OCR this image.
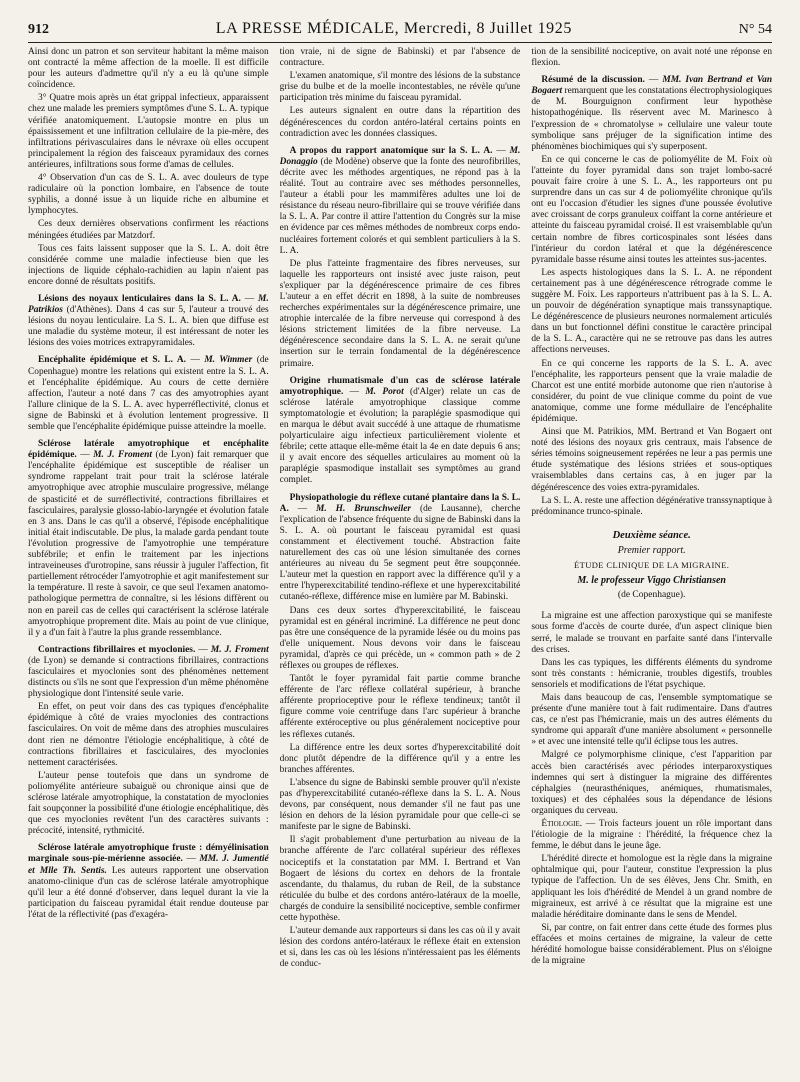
912	LA PRESSE MÉDICALE, Mercredi, 8 Juillet 1925	N° 54

Ainsi donc un patron et son serviteur habitant la même maison ont contracté la même affection de la moelle. Il est difficile pour les auteurs d'admettre qu'il n'y a eu là qu'une simple coïncidence.

3° Quatre mois après un état grippal infectieux, apparaissent chez une malade les premiers symptômes d'une S. L. A. typique vérifiée anatomiquement. L'autopsie montre en plus un épaississement et une infiltration cellulaire de la pie-mère, des infiltrations périvasculaires dans le névraxe où elles occupent principalement la région des faisceaux pyramidaux des cornes antérieures, infiltrations sous forme d'amas de cellules.

4° Observation d'un cas de S. L. A. avec douleurs de type radiculaire où la ponction lombaire, en l'absence de toute syphilis, a donné issue à un liquide riche en albumine et lymphocytes.

Ces deux dernières observations confirment les réactions méningées étudiées par Matzdorf.

Tous ces faits laissent supposer que la S. L. A. doit être considérée comme une maladie infectieuse bien que les injections de liquide céphalo-rachidien au lapin n'aient pas encore donné de résultats positifs.

Lésions des noyaux lenticulaires dans la S. L. A. — M. Patrikios (d'Athènes). Dans 4 cas sur 5, l'auteur a trouvé des lésions du noyau lenticulaire. La S. L. A. bien que diffuse est une maladie du système moteur, il est intéressant de noter les lésions des voies motrices extrapyramidales.

Encéphalite épidémique et S. L. A. — M. Wimmer (de Copenhague) montre les relations qui existent entre la S. L. A. et l'encéphalite épidémique. Au cours de cette dernière affection, l'auteur a noté dans 7 cas des amyotrophies ayant l'allure clinique de la S. L. A. avec hyperréflectivité, clonus et signe de Babinski et à évolution lentement progressive. Il semble que l'encéphalite épidémique puisse atteindre la moelle.

Sclérose latérale amyotrophique et encéphalite épidémique. — M. J. Froment (de Lyon) fait remarquer que l'encéphalite épidémique est susceptible de réaliser un syndrome rappelant trait pour trait la sclérose latérale amyotrophique avec atrophie musculaire progressive, mélange de spasticité et de surréflectivité, contractions fibrillaires et fasciculaires, paralysie glosso-labio-laryngée et évolution fatale en 3 ans. Dans le cas qu'il a observé, l'épisode encéphalitique initial était indiscutable. De plus, la malade garda pendant toute l'évolution progressive de l'amyotrophie une température subfébrile; et enfin le traitement par les injections intraveineuses d'urotropine, sans réussir à juguler l'affection, fit partiellement rétrocéder l'amyotrophie et agit manifestement sur la température. Il reste à savoir, ce que seul l'examen anatomo-pathologique permettra de connaître, si les lésions diffèrent ou non en pareil cas de celles qui caractérisent la sclérose latérale amyotrophique proprement dite. Mais au point de vue clinique, il y a d'un fait à l'autre la plus grande ressemblance.

Contractions fibrillaires et myoclonies. — M. J. Froment (de Lyon) se demande si contractions fibrillaires, contractions fasciculaires et myoclonies sont des phénomènes nettement distincts ou s'ils ne sont que l'expression d'un même phénomène physiologique dont l'intensité seule varie.

En effet, on peut voir dans des cas typiques d'encéphalite épidémique à côté de vraies myoclonies des contractions fasciculaires. On voit de même dans des atrophies musculaires dont rien ne démontre l'étiologie encéphalitique, à côté de contractions fibrillaires et fasciculaires, des myoclonies nettement caractérisées.

L'auteur pense toutefois que dans un syndrome de poliomyélite antérieure subaiguë ou chronique ainsi que de sclérose latérale amyotrophique, la constatation de myoclonies fait soupçonner la possibilité d'une étiologie encéphalitique, dès que ces myoclonies revêtent l'un des caractères suivants : précocité, intensité, rythmicité.

Sclérose latérale amyotrophique fruste : démyélinisation marginale sous-pie-mérienne associée. — MM. J. Jumentié et Mlle Th. Sentis. Les auteurs rapportent une observation anatomo-clinique d'un cas de sclérose latérale amyotrophique qu'il leur a été donné d'observer, dans lequel durant la vie la participation du faisceau pyramidal était rendue douteuse par l'état de la réflectivité (pas d'exagéra-

tion vraie, ni de signe de Babinski) et par l'absence de contracture.

L'examen anatomique, s'il montre des lésions de la substance grise du bulbe et de la moelle incontestables, ne révèle qu'une participation très minime du faisceau pyramidal.

Les auteurs signalent en outre dans la répartition des dégénérescences du cordon antéro-latéral certains points en contradiction avec les données classiques.

A propos du rapport anatomique sur la S. L. A. — M. Donaggio (de Modène) observe que la fonte des neurofibrilles, décrite avec les méthodes argentiques, ne répond pas à la réalité. Tout au contraire avec ses méthodes personnelles, l'auteur a établi pour les mammifères adultes une loi de résistance du réseau neuro-fibrillaire qui se trouve vérifiée dans la S. L. A. Par contre il attire l'attention du Congrès sur la mise en évidence par ces mêmes méthodes de nombreux corps endo-nucléaires fortement colorés et qui semblent particuliers à la S. L. A.

De plus l'atteinte fragmentaire des fibres nerveuses, sur laquelle les rapporteurs ont insisté avec juste raison, peut s'expliquer par la dégénérescence primaire de ces fibres L'auteur a en effet décrit en 1898, à la suite de nombreuses recherches expérimentales sur la dégénérescence primaire, une atrophie intercalée de la fibre nerveuse qui correspond à des lésions strictement limitées de la fibre nerveuse. La dégénérescence secondaire dans la S. L. A. ne serait qu'une insertion sur le terrain fondamental de la dégénérescence primaire.

Origine rhumatismale d'un cas de sclérose latérale amyotrophique. — M. Porot (d'Alger) relate un cas de sclérose latérale amyotrophique classique comme symptomatologie et évolution; la paraplégie spasmodique qui en marqua le début avait succédé à une attaque de rhumatisme polyarticulaire aigu infectieux particulièrement violente et fébrile; cette attaque elle-même était la 4e en date depuis 6 ans; il y avait encore des séquelles articulaires au moment où la paraplégie spasmodique installait ses symptômes au grand complet.

Physiopathologie du réflexe cutané plantaire dans la S. L. A. — M. H. Brunschweiler (de Lausanne), cherche l'explication de l'absence fréquente du signe de Babinski dans la S. L. A. où pourtant le faisceau pyramidal est quasi constamment et électivement touché. Abstraction faite naturellement des cas où une lésion simultanée des cornes antérieures au niveau du 5e segment peut être soupçonnée. L'auteur met la question en rapport avec la différence qu'il y a entre l'hyperexcitabilité tendino-réflexe et une hyperexcitabilité cutanéo-réflexe, différence mise en lumière par M. Babinski.

Dans ces deux sortes d'hyperexcitabilité, le faisceau pyramidal est en général incriminé. La différence ne peut donc pas être une conséquence de la pyramide lésée ou du moins pas d'elle uniquement. Nous devons voir dans le faisceau pyramidal, d'après ce qui précède, un « common path » de 2 réflexes ou groupes de réflexes.

Tantôt le foyer pyramidal fait partie comme branche efférente de l'arc réflexe collatéral supérieur, à branche afférente proprioceptive pour le réflexe tendineux; tantôt il figure comme voie centrifuge dans l'arc supérieur à branche afférente extéroceptive ou plus généralement nociceptive pour les réflexes cutanés.

La différence entre les deux sortes d'hyperexcitabilité doit donc plutôt dépendre de la différence qu'il y a entre les branches afférentes.

L'absence du signe de Babinski semble prouver qu'il n'existe pas d'hyperexcitabilité cutanéo-réflexe dans la S. L. A. Nous devons, par conséquent, nous demander s'il ne faut pas une lésion en dehors de la lésion pyramidale pour que celle-ci se manifeste par le signe de Babinski.

Il s'agit probablement d'une perturbation au niveau de la branche afférente de l'arc collatéral supérieur des réflexes nociceptifs et la constatation par MM. I. Bertrand et Van Bogaert de lésions du cortex en dehors de la frontale ascendante, du thalamus, du ruban de Reil, de la substance réticulée du bulbe et des cordons antéro-latéraux de la moelle, chargés de conduire la sensibilité nociceptive, semble confirmer cette hypothèse.

L'auteur demande aux rapporteurs si dans les cas où il y avait lésion des cordons antéro-latéraux le réflexe était en extension et si, dans les cas où les lésions n'intéressaient pas les éléments de conduc-

tion de la sensibilité nociceptive, on avait noté une réponse en flexion.

Résumé de la discussion. — MM. Ivan Bertrand et Van Bogaert remarquent que les constatations électrophysiologiques de M. Bourguignon confirment leur hypothèse histopathogénique. Ils réservent avec M. Marinesco à l'expression de « chromatolyse » cellulaire une valeur toute symbolique sans préjuger de la signification intime des phénomènes biochimiques qui s'y superposent.

En ce qui concerne le cas de poliomyélite de M. Foix où l'atteinte du foyer pyramidal dans son trajet lombo-sacré pouvait faire croire à une S. L. A., les rapporteurs ont pu surprendre dans un cas sur 4 de poliomyélite chronique qu'ils ont eu l'occasion d'étudier les signes d'une poussée évolutive avec croissant de corps granuleux coiffant la corne antérieure et atteinte du faisceau pyramidal croisé. Il est vraisemblable qu'un certain nombre de fibres corticospinales sont lésées dans l'intérieur du cordon latéral et que la dégénérescence pyramidale basse résume ainsi toutes les atteintes sus-jacentes.

Les aspects histologiques dans la S. L. A. ne répondent certainement pas à une dégénérescence rétrograde comme le suggère M. Foix. Les rapporteurs n'attribuent pas à la S. L. A. un pouvoir de dégénération synaptique mais transsynaptique. Le dégénérescence de plusieurs neurones normalement articulés dans un but fonctionnel défini constitue le caractère principal de la S. L. A., caractère qui ne se retrouve pas dans les autres affections nerveuses.

En ce qui concerne les rapports de la S. L. A. avec l'encéphalite, les rapporteurs pensent que la vraie maladie de Charcot est une entité morbide autonome que rien n'autorise à considérer, du point de vue clinique comme du point de vue anatomique, comme une forme médullaire de l'encéphalite épidémique.

Ainsi que M. Patrikios, MM. Bertrand et Van Bogaert ont noté des lésions des noyaux gris centraux, mais l'absence de séries témoins soigneusement repérées ne leur a pas permis une étude systématique des lésions striées et sous-optiques vraisemblables dans certains cas, à en juger par la dégénérescence des voies extra-pyramidales.

La S. L. A. reste une affection dégénérative transsynaptique à prédominance trunco-spinale.

Deuxième séance.

Premier rapport.

ÉTUDE CLINIQUE DE LA MIGRAINE.

M. le professeur Viggo Christiansen

(de Copenhague).

La migraine est une affection paroxystique qui se manifeste sous forme d'accès de courte durée, d'un aspect clinique bien serré, le malade se trouvant en parfaite santé dans l'intervalle des crises.

Dans les cas typiques, les différents éléments du syndrome sont très constants : hémicranie, troubles digestifs, troubles sensoriels et modifications de l'état psychique.

Mais dans beaucoup de cas, l'ensemble symptomatique se présente d'une manière tout à fait rudimentaire. Dans d'autres cas, ce n'est pas l'hémicranie, mais un des autres éléments du syndrome qui apparaît d'une manière absolument « personnelle » et avec une intensité telle qu'il éclipse tous les autres.

Malgré ce polymorphisme clinique, c'est l'apparition par accès bien caractérisés avec périodes interparoxystiques indemnes qui sert à distinguer la migraine des différentes céphalgies (neurasthéniques, anémiques, rhumatismales, toxiques) et des céphalées sous la dépendance de lésions organiques du cerveau.

Étiologie. — Trois facteurs jouent un rôle important dans l'étiologie de la migraine : l'hérédité, la fréquence chez la femme, le début dans le jeune âge.

L'hérédité directe et homologue est la règle dans la migraine ophtalmique qui, pour l'auteur, constitue l'expression la plus typique de l'affection. Un de ses élèves, Jens Chr. Smith, en appliquant les lois d'hérédité de Mendel à un grand nombre de migraineux, est arrivé à ce résultat que la migraine est une maladie héréditaire dominante dans le sens de Mendel.

Si, par contre, on fait entrer dans cette étude des formes plus effacées et moins certaines de migraine, la valeur de cette hérédité homologue baisse considérablement. Plus on s'éloigne de la migraine
